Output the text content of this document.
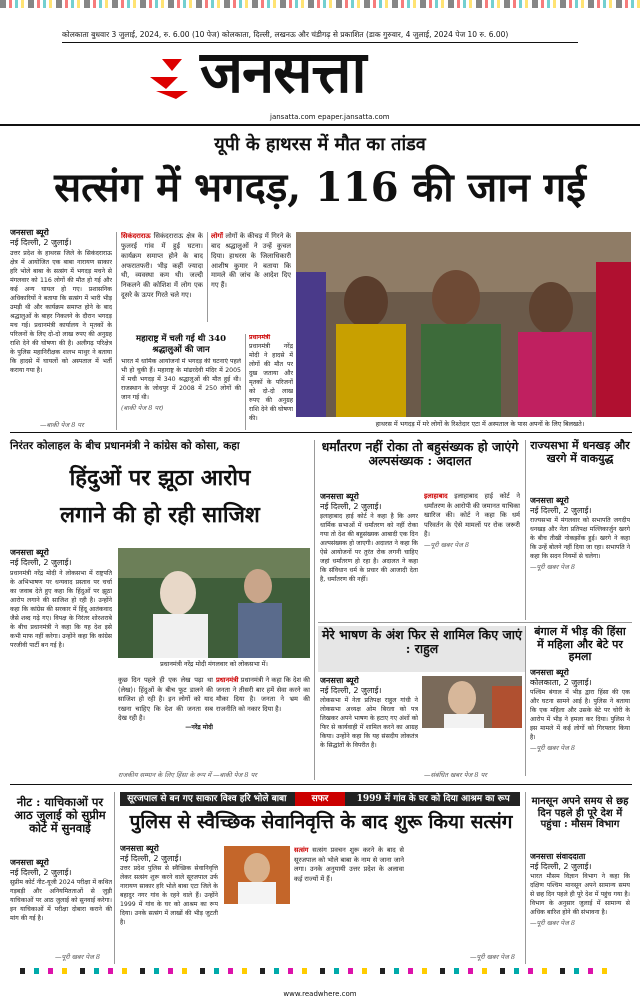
कोलकाता बुधवार 3 जुलाई, 2024, रु. 6.00 (10 पेज) कोलकाता, दिल्ली, लखनऊ और चंडीगढ़ से प्रकाशित (डाक गुरुवार, 4 जुलाई, 2024 पेज 10 रु. 6.00)
जनसत्ता
jansatta.com epaper.jansatta.com
यूपी के हाथरस में मौत का तांडव
सत्संग में भगदड़, 116 की जान गई
जनसत्ता ब्यूरो
नई दिल्ली, 2 जुलाई।
उत्तर प्रदेश के हाथरस जिले के सिकंदराराऊ क्षेत्र में आयोजित एक बाबा नारायण साकार हरि भोले बाबा के सत्संग में भगदड़ मचने से मंगलवार को 116 लोगों की मौत हो गई और कई अन्य घायल हो गए। प्रशासनिक अधिकारियों ने बताया कि सत्संग में भारी भीड़ उमड़ी थी और कार्यक्रम समाप्त होने के बाद श्रद्धालुओं के बाहर निकलने के दौरान भगदड़ मच गई। प्रधानमंत्री कार्यालय ने मृतकों के परिजनों के लिए दो-दो लाख रुपए की अनुग्रह राशि देने की घोषणा की है। अलीगढ़ परिक्षेत्र के पुलिस महानिरीक्षक शलभ माथुर ने बताया कि हादसे में घायलों को अस्पताल में भर्ती कराया गया है।
—बाकी पेज 8 पर
सिकंदराराऊ सिकंदराराऊ क्षेत्र के फुलरई गांव में हुई घटना। कार्यक्रम समाप्त होने के बाद अफरातफरी। भीड़ कहीं ज्यादा थी, व्यवस्था कम थी। जल्दी निकलने की कोशिश में लोग एक दूसरे के ऊपर गिरते चले गए।
लोगों लोगों के कीचड़ में गिरने के बाद श्रद्धालुओं ने उन्हें कुचल दिया। हाथरस के जिलाधिकारी आशीष कुमार ने बताया कि मामले की जांच के आदेश दिए गए हैं।
महाराष्ट्र में चली गई थी 340 श्रद्धालुओं की जान
भारत में धार्मिक आयोजनों में भगदड़ की घटनाएं पहले भी हो चुकी हैं। महाराष्ट्र के मांढरदेवी मंदिर में 2005 में मची भगदड़ में 340 श्रद्धालुओं की मौत हुई थी। राजस्थान के जोधपुर में 2008 में 250 लोगों की जान गई थी।
(बाकी पेज 8 पर)
प्रधानमंत्री प्रधानमंत्री नरेंद्र मोदी ने हादसे में लोगों की मौत पर दुख जताया और मृतकों के परिजनों को दो-दो लाख रुपए की अनुग्रह राशि देने की घोषणा की।
हाथरस में भगदड़ में मरे लोगों के रिश्तेदार एटा में अस्पताल के पास अपनों के लिए बिलखते।
निरंतर कोलाहल के बीच प्रधानमंत्री ने कांग्रेस को कोसा, कहा
हिंदुओं पर झूठा आरोप
लगाने की हो रही साजिश
जनसत्ता ब्यूरो
नई दिल्ली, 2 जुलाई।
प्रधानमंत्री नरेंद्र मोदी ने लोकसभा में राष्ट्रपति के अभिभाषण पर धन्यवाद प्रस्ताव पर चर्चा का जवाब देते हुए कहा कि हिंदुओं पर झूठा आरोप लगाने की साजिश हो रही है। उन्होंने कहा कि कांग्रेस की सरकार में हिंदू आतंकवाद जैसे शब्द गढ़े गए। विपक्ष के निरंतर शोरशराबे के बीच प्रधानमंत्री ने कहा कि यह देश इसे कभी माफ नहीं करेगा। उन्होंने कहा कि कांग्रेस परजीवी पार्टी बन गई है।
प्रधानमंत्री नरेंद्र मोदी मंगलवार को लोकसभा में।
कुछ दिन पहले ही एक लेख पढ़ा था (लेख)। हिंदुओं के बीच फूट डालने की साजिश हो रही है। इन लोगों को याद रखना चाहिए कि देश की जनता सब देख रही है।
—नरेंद्र मोदी
प्रधानमंत्री प्रधानमंत्री ने कहा कि देश की जनता ने तीसरी बार हमें सेवा करने का मौका दिया है। जनता ने भ्रम की राजनीति को नकार दिया है।
राजकीय सम्मान के लिए हिंसा के रूप में —बाकी पेज 8 पर
धर्मांतरण नहीं रोका तो बहुसंख्यक हो जाएंगे अल्पसंख्यक : अदालत
जनसत्ता ब्यूरो
नई दिल्ली, 2 जुलाई।
इलाहाबाद हाई कोर्ट ने कहा है कि अगर धार्मिक सभाओं में धर्मांतरण को नहीं रोका गया तो देश की बहुसंख्यक आबादी एक दिन अल्पसंख्यक हो जाएगी। अदालत ने कहा कि ऐसे आयोजनों पर तुरंत रोक लगनी चाहिए जहां धर्मांतरण हो रहा है। अदालत ने कहा कि संविधान धर्म के प्रचार की आजादी देता है, धर्मांतरण की नहीं।
इलाहाबाद इलाहाबाद हाई कोर्ट ने धर्मांतरण के आरोपी की जमानत याचिका खारिज की। कोर्ट ने कहा कि धर्म परिवर्तन के ऐसे मामलों पर रोक जरूरी है।
—पूरी खबर पेज 8
राज्यसभा में धनखड़ और खरगे में वाकयुद्ध
जनसत्ता ब्यूरो
नई दिल्ली, 2 जुलाई।
राज्यसभा में मंगलवार को सभापति जगदीप धनखड़ और नेता प्रतिपक्ष मल्लिकार्जुन खरगे के बीच तीखी नोकझोंक हुई। खरगे ने कहा कि उन्हें बोलने नहीं दिया जा रहा। सभापति ने कहा कि सदन नियमों से चलेगा।
—पूरी खबर पेज 8
मेरे भाषण के अंश फिर से शामिल किए जाएं : राहुल
जनसत्ता ब्यूरो
नई दिल्ली, 2 जुलाई।
लोकसभा में नेता प्रतिपक्ष राहुल गांधी ने लोकसभा अध्यक्ष ओम बिरला को पत्र लिखकर अपने भाषण के हटाए गए अंशों को फिर से कार्यवाही में शामिल करने का आग्रह किया। उन्होंने कहा कि यह संसदीय लोकतंत्र के सिद्धांतों के विपरीत है।
—संबंधित खबर पेज 8 पर
बंगाल में भीड़ की हिंसा में महिला और बेटे पर हमला
जनसत्ता ब्यूरो
कोलकाता, 2 जुलाई।
पश्चिम बंगाल में भीड़ द्वारा हिंसा की एक और घटना सामने आई है। पुलिस ने बताया कि एक महिला और उसके बेटे पर चोरी के आरोप में भीड़ ने हमला कर दिया। पुलिस ने इस मामले में कई लोगों को गिरफ्तार किया है।
—पूरी खबर पेज 8
नीट : याचिकाओं पर आठ जुलाई को सुप्रीम कोर्ट में सुनवाई
जनसत्ता ब्यूरो
नई दिल्ली, 2 जुलाई।
सुप्रीम कोर्ट नीट-यूजी 2024 परीक्षा में कथित गड़बड़ी और अनियमितताओं से जुड़ी याचिकाओं पर आठ जुलाई को सुनवाई करेगा। इन याचिकाओं में परीक्षा दोबारा कराने की मांग की गई है।
—पूरी खबर पेज 8
सूरजपाल से बन गए साकार विश्व हरि भोले बाबा	सफर	1999 में गांव के घर को दिया आश्रम का रूप
पुलिस से स्वैच्छिक सेवानिवृत्ति के बाद शुरू किया सत्संग
जनसत्ता ब्यूरो
नई दिल्ली, 2 जुलाई।
उत्तर प्रदेश पुलिस से स्वैच्छिक सेवानिवृत्ति लेकर सत्संग शुरू करने वाले सूरजपाल उर्फ नारायण साकार हरि भोले बाबा एटा जिले के बहादुर नगर गांव के रहने वाले हैं। उन्होंने 1999 में गांव के घर को आश्रम का रूप दिया। उनके सत्संग में लाखों की भीड़ जुटती है।
सत्संग सत्संग प्रवचन शुरू करने के बाद से सूरजपाल को भोले बाबा के नाम से जाना जाने लगा। उनके अनुयायी उत्तर प्रदेश के अलावा कई राज्यों में हैं।
—पूरी खबर पेज 8
मानसून अपने समय से छह दिन पहले ही पूरे देश में पहुंचा : मौसम विभाग
जनसत्ता संवाददाता
नई दिल्ली, 2 जुलाई।
भारत मौसम विज्ञान विभाग ने कहा कि दक्षिण पश्चिम मानसून अपने सामान्य समय से छह दिन पहले ही पूरे देश में पहुंच गया है। विभाग के अनुसार जुलाई में सामान्य से अधिक बारिश होने की संभावना है।
—पूरी खबर पेज 8
www.readwhere.com
